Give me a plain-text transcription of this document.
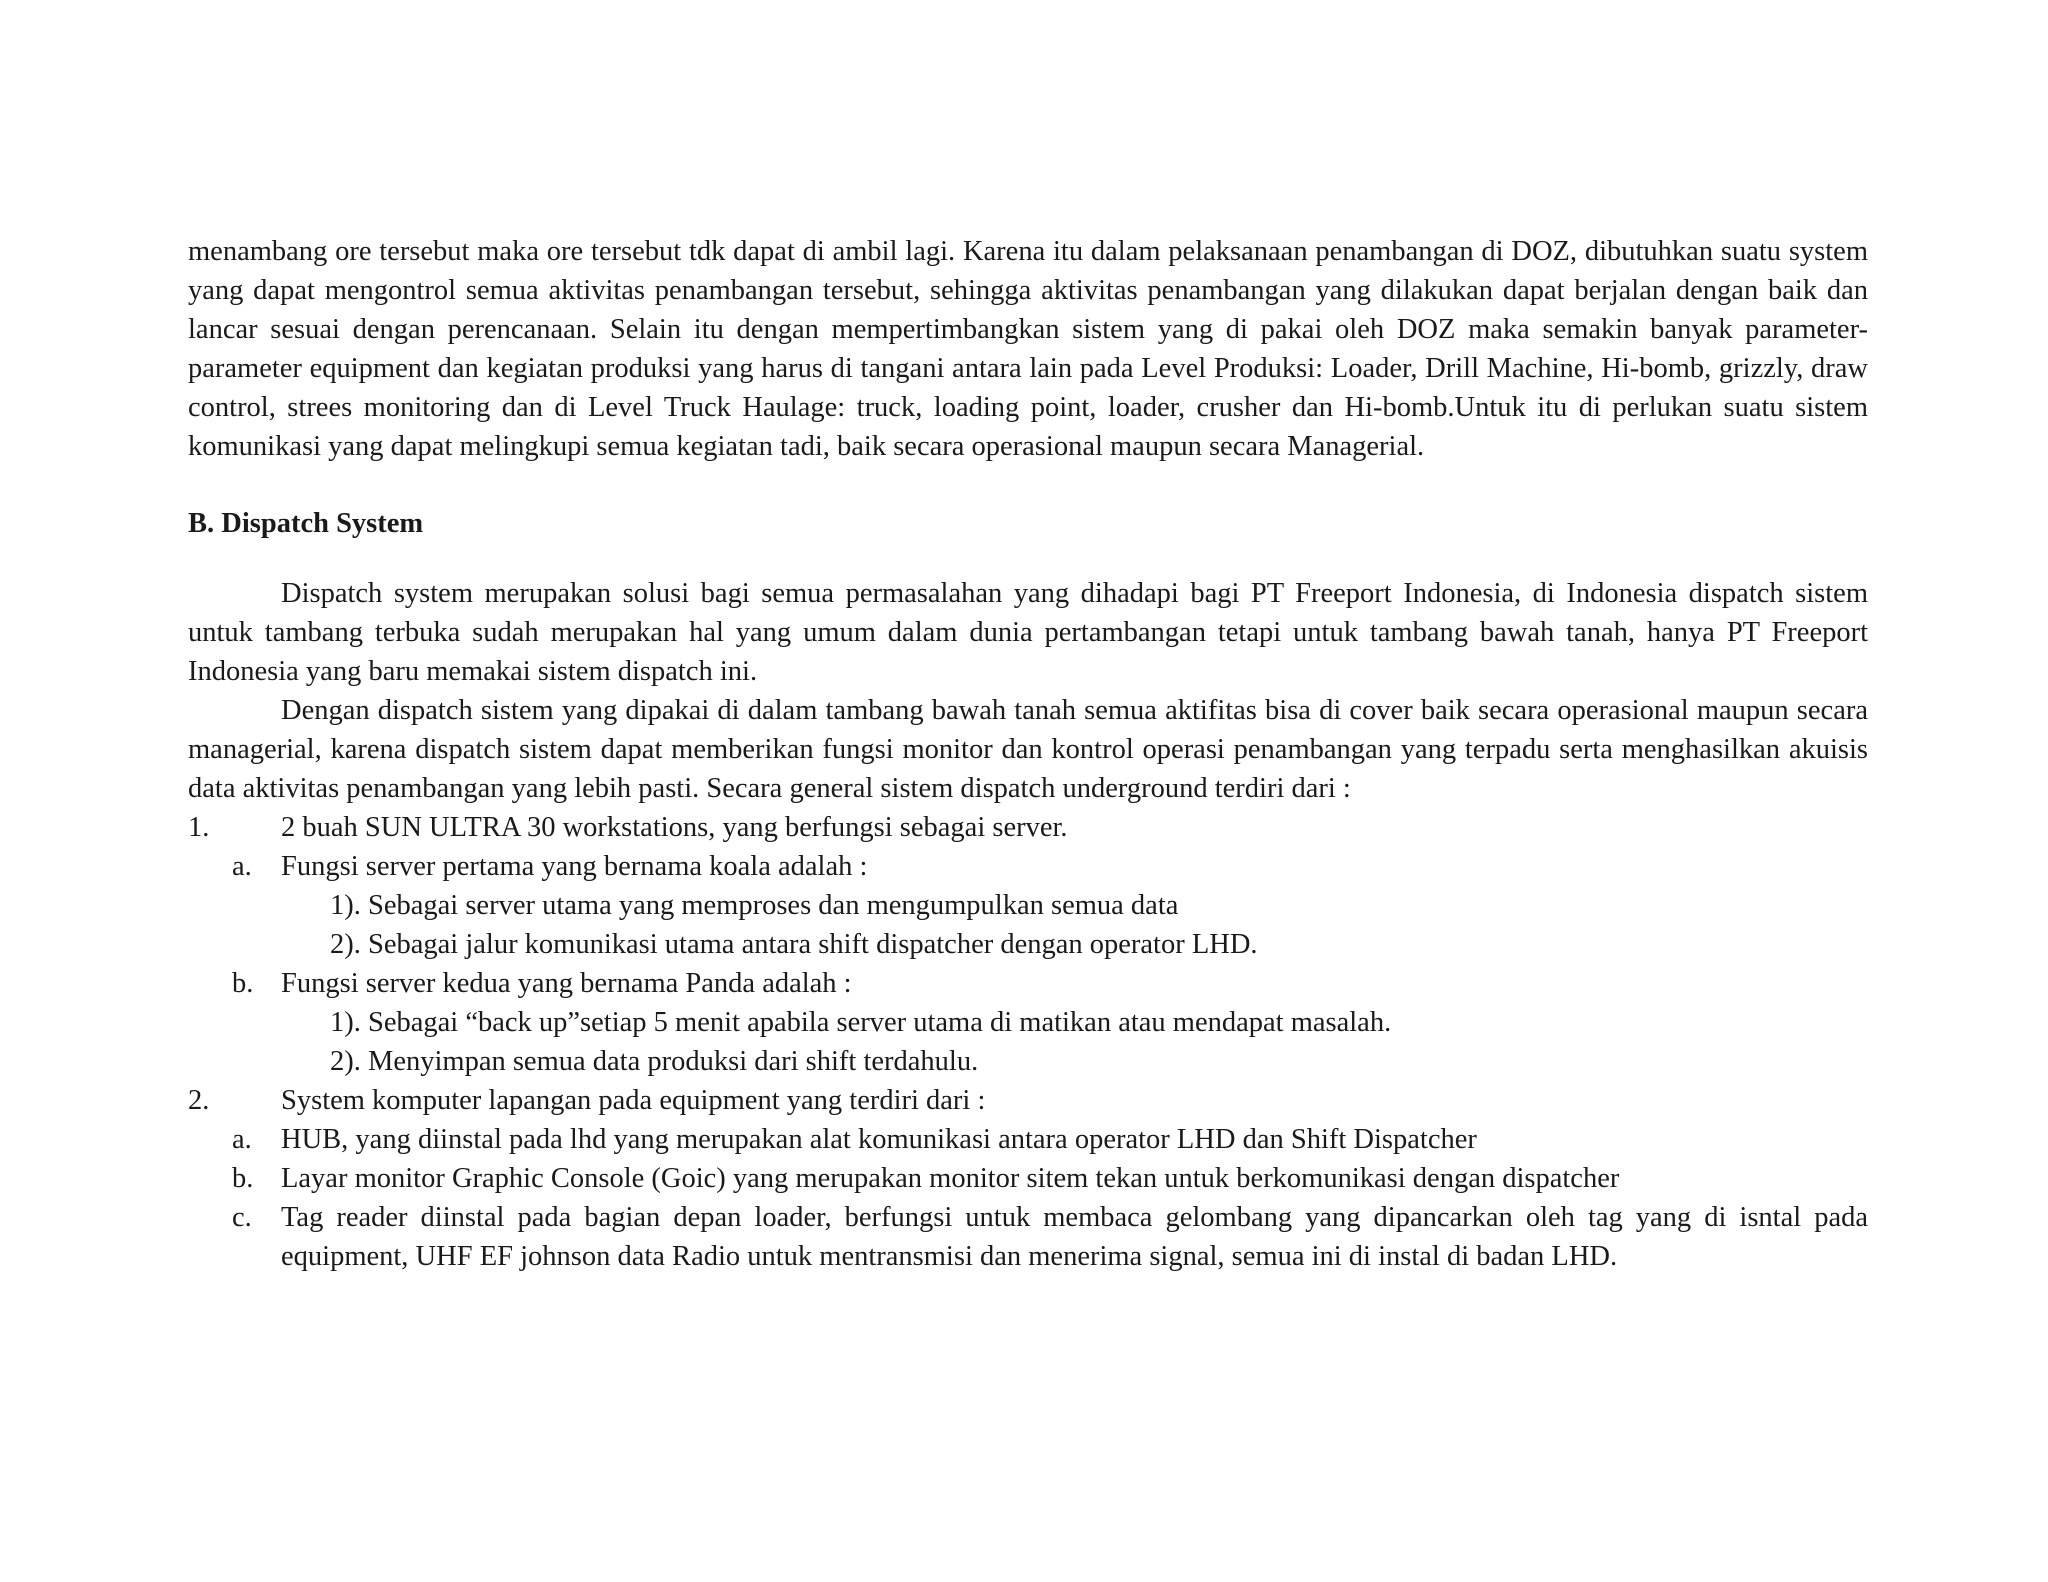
menambang ore tersebut maka ore tersebut tdk dapat di ambil lagi. Karena itu dalam pelaksanaan penambangan di DOZ, dibutuhkan suatu system yang dapat mengontrol semua aktivitas penambangan tersebut, sehingga aktivitas penambangan yang dilakukan dapat berjalan dengan baik dan lancar sesuai dengan perencanaan. Selain itu dengan mempertimbangkan sistem yang di pakai oleh DOZ maka semakin banyak parameter-parameter equipment dan kegiatan produksi yang harus di tangani antara lain pada Level Produksi: Loader, Drill Machine, Hi-bomb, grizzly, draw control, strees monitoring dan di Level Truck Haulage: truck, loading point, loader, crusher dan Hi-bomb.Untuk itu di perlukan suatu sistem komunikasi yang dapat melingkupi semua kegiatan tadi, baik secara operasional maupun secara Managerial.

B. Dispatch System

Dispatch system merupakan solusi bagi semua permasalahan yang dihadapi bagi PT Freeport Indonesia, di Indonesia dispatch sistem untuk tambang terbuka sudah merupakan hal yang umum dalam dunia pertambangan tetapi untuk tambang bawah tanah, hanya PT Freeport Indonesia yang baru memakai sistem dispatch ini.

Dengan dispatch sistem yang dipakai di dalam tambang bawah tanah semua aktifitas bisa di cover baik secara operasional maupun secara managerial, karena dispatch sistem dapat memberikan fungsi monitor dan kontrol operasi penambangan yang terpadu serta menghasilkan akuisis data aktivitas penambangan yang lebih pasti. Secara general sistem dispatch underground terdiri dari :

1.	2 buah SUN ULTRA 30 workstations, yang berfungsi sebagai server.
a. Fungsi server pertama yang bernama koala adalah :
1). Sebagai server utama yang memproses dan mengumpulkan semua data
2). Sebagai jalur komunikasi utama antara shift dispatcher dengan operator LHD.
b. Fungsi server kedua yang bernama Panda adalah :
1). Sebagai “back up”setiap 5 menit apabila server utama di matikan atau mendapat masalah.
2). Menyimpan semua data produksi dari shift terdahulu.
2.	System komputer lapangan pada equipment yang terdiri dari :
a. HUB, yang diinstal pada lhd yang merupakan alat komunikasi antara operator LHD dan Shift Dispatcher
b. Layar monitor Graphic Console (Goic) yang merupakan monitor sitem tekan untuk berkomunikasi dengan dispatcher
c. Tag reader diinstal pada bagian depan loader, berfungsi untuk membaca gelombang yang dipancarkan oleh tag yang di isntal pada equipment, UHF EF johnson data Radio untuk mentransmisi dan menerima signal, semua ini di instal di badan LHD.
